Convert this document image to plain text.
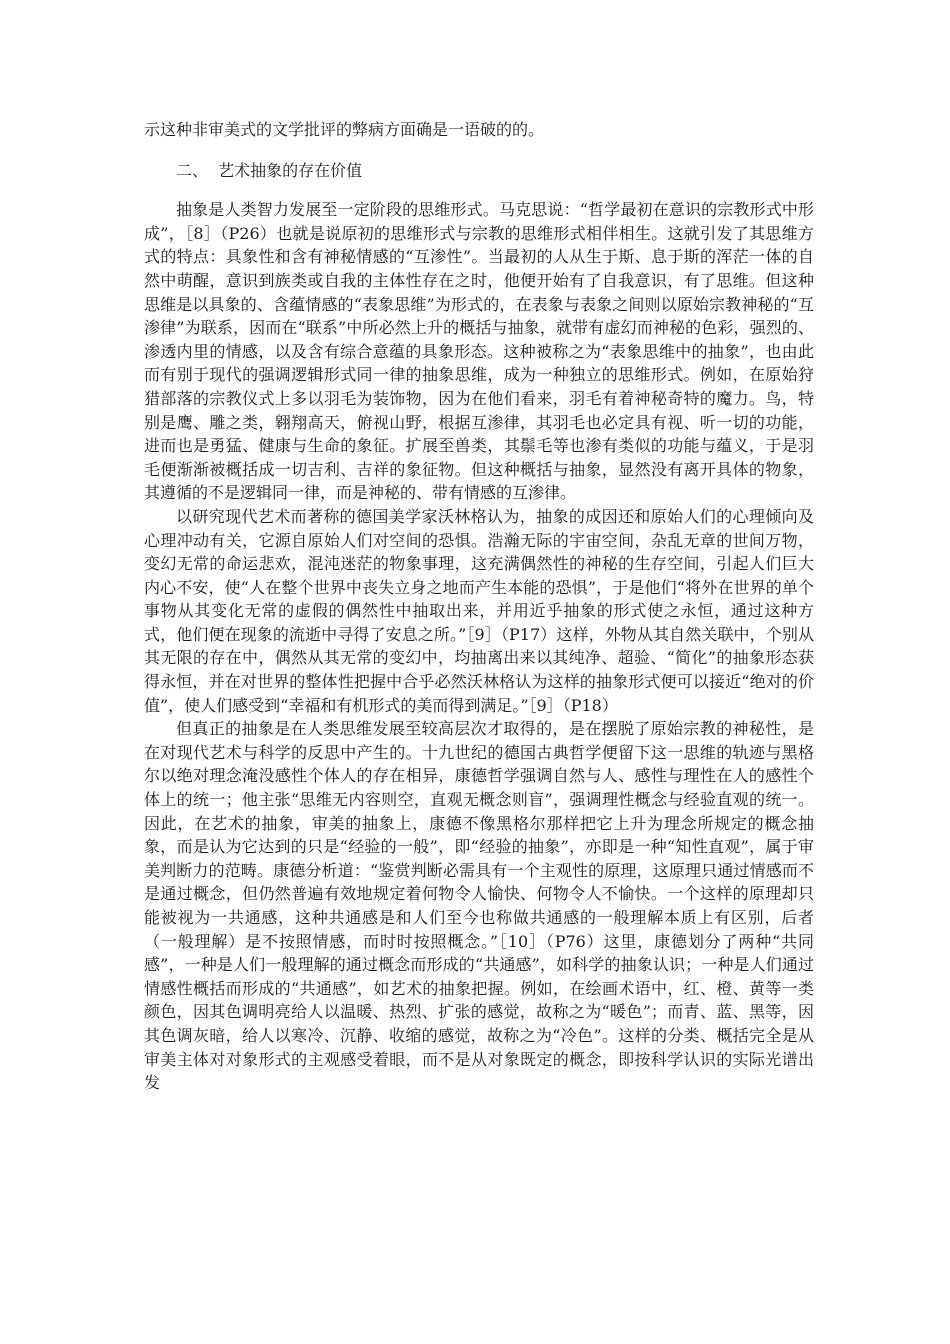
示这种非审美式的文学批评的弊病方面确是一语破的的。

二、  艺术抽象的存在价值

抽象是人类智力发展至一定阶段的思维形式。马克思说：“哲学最初在意识的宗教形式中形成”，［8］（P26）也就是说原初的思维形式与宗教的思维形式相伴相生。这就引发了其思维方式的特点：具象性和含有神秘情感的“互渗性”。当最初的人从生于斯、息于斯的浑茫一体的自然中萌醒，意识到族类或自我的主体性存在之时，他便开始有了自我意识，有了思维。但这种思维是以具象的、含蕴情感的“表象思维”为形式的，在表象与表象之间则以原始宗教神秘的“互渗律”为联系，因而在“联系”中所必然上升的概括与抽象，就带有虚幻而神秘的色彩，强烈的、渗透内里的情感，以及含有综合意蕴的具象形态。这种被称之为“表象思维中的抽象”，也由此而有别于现代的强调逻辑形式同一律的抽象思维，成为一种独立的思维形式。例如，在原始狩猎部落的宗教仪式上多以羽毛为装饰物，因为在他们看来，羽毛有着神秘奇特的魔力。鸟，特别是鹰、雕之类，翱翔高天，俯视山野，根据互渗律，其羽毛也必定具有视、听一切的功能，进而也是勇猛、健康与生命的象征。扩展至兽类，其鬃毛等也渗有类似的功能与蕴义，于是羽毛便渐渐被概括成一切吉利、吉祥的象征物。但这种概括与抽象，显然没有离开具体的物象，其遵循的不是逻辑同一律，而是神秘的、带有情感的互渗律。

以研究现代艺术而著称的德国美学家沃林格认为，抽象的成因还和原始人们的心理倾向及心理冲动有关，它源自原始人们对空间的恐惧。浩瀚无际的宇宙空间，杂乱无章的世间万物，变幻无常的命运悲欢，混沌迷茫的物象事理，这充满偶然性的神秘的生存空间，引起人们巨大内心不安，使“人在整个世界中丧失立身之地而产生本能的恐惧”，于是他们“将外在世界的单个事物从其变化无常的虚假的偶然性中抽取出来，并用近乎抽象的形式使之永恒，通过这种方式，他们便在现象的流逝中寻得了安息之所。”［9］（P17）这样，外物从其自然关联中，个别从其无限的存在中，偶然从其无常的变幻中，均抽离出来以其纯净、超验、“简化”的抽象形态获得永恒，并在对世界的整体性把握中合乎必然沃林格认为这样的抽象形式便可以接近“绝对的价值”，使人们感受到“幸福和有机形式的美而得到满足。”［9］（P18）

但真正的抽象是在人类思维发展至较高层次才取得的，是在摆脱了原始宗教的神秘性，是在对现代艺术与科学的反思中产生的。十九世纪的德国古典哲学便留下这一思维的轨迹与黑格尔以绝对理念淹没感性个体人的存在相异，康德哲学强调自然与人、感性与理性在人的感性个体上的统一；他主张“思维无内容则空，直观无概念则盲”，强调理性概念与经验直观的统一。因此，在艺术的抽象，审美的抽象上，康德不像黑格尔那样把它上升为理念所规定的概念抽象，而是认为它达到的只是“经验的一般”，即“经验的抽象”，亦即是一种“知性直观”，属于审美判断力的范畴。康德分析道：“鉴赏判断必需具有一个主观性的原理，这原理只通过情感而不是通过概念，但仍然普遍有效地规定着何物令人愉快、何物令人不愉快。一个这样的原理却只能被视为一共通感，这种共通感是和人们至今也称做共通感的一般理解本质上有区别，后者（一般理解）是不按照情感，而时时按照概念。”［10］（P76）这里，康德划分了两种“共同感”，一种是人们一般理解的通过概念而形成的“共通感”，如科学的抽象认识；一种是人们通过情感性概括而形成的“共通感”，如艺术的抽象把握。例如，在绘画术语中，红、橙、黄等一类颜色，因其色调明亮给人以温暖、热烈、扩张的感觉，故称之为“暖色”；而青、蓝、黑等，因其色调灰暗，给人以寒冷、沉静、收缩的感觉，故称之为“冷色”。这样的分类、概括完全是从审美主体对对象形式的主观感受着眼，而不是从对象既定的概念，即按科学认识的实际光谱出发
